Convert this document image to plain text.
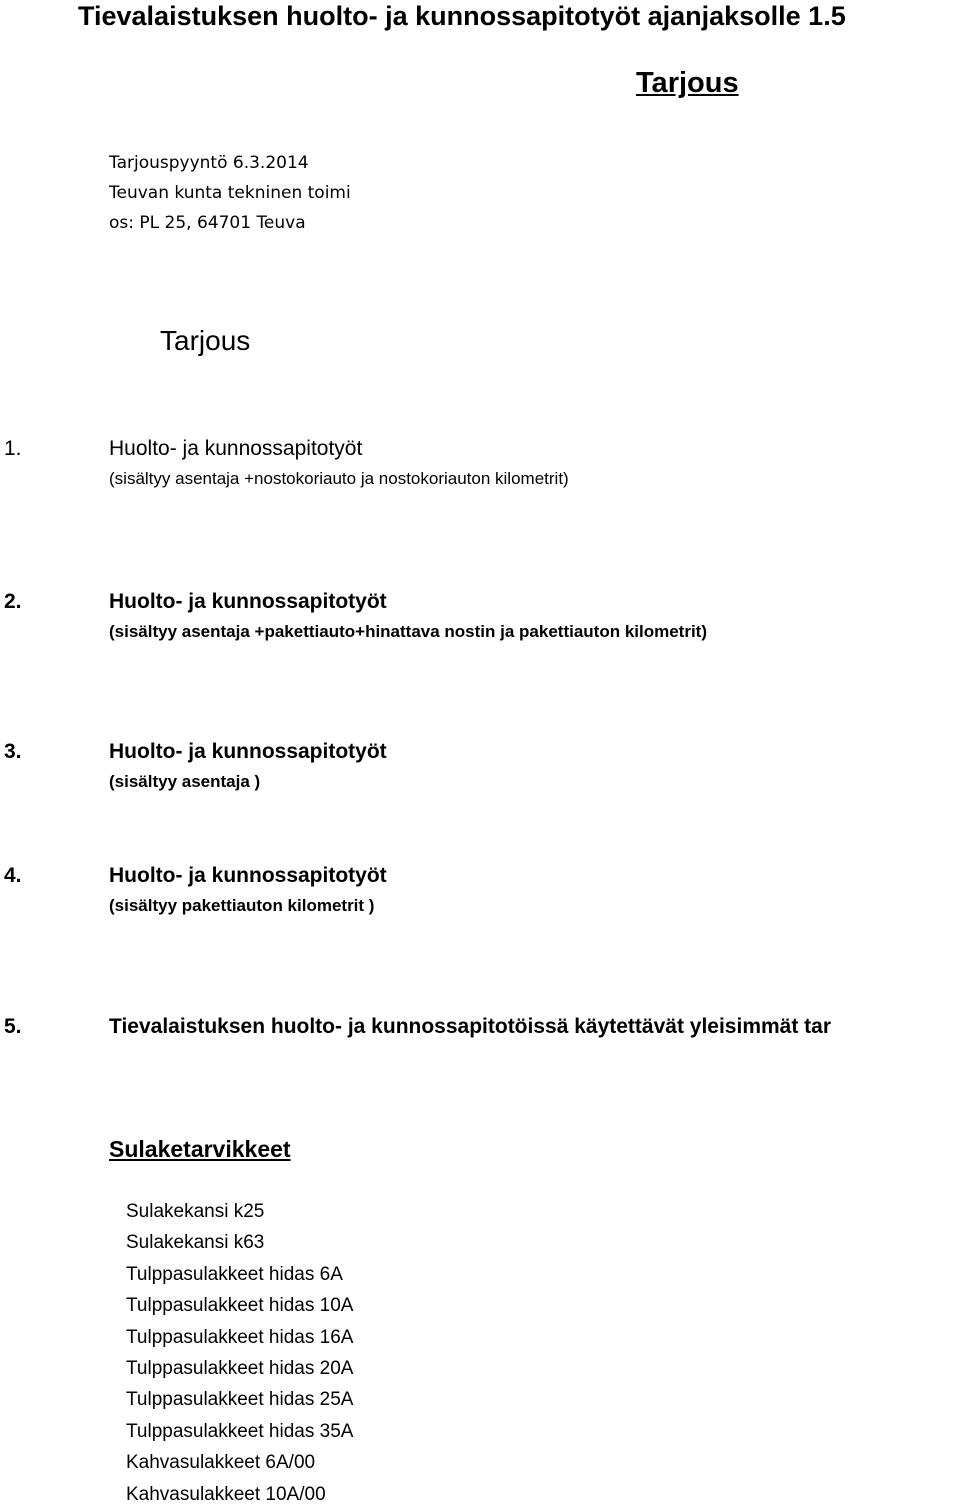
Tievalaistuksen huolto- ja kunnossapitotyöt ajanjaksolle 1.5
Tarjous
Tarjouspyyntö 6.3.2014
Teuvan kunta tekninen toimi
os: PL 25, 64701 Teuva
Tarjous
1.	Huolto- ja kunnossapitotyöt
(sisältyy asentaja +nostokoriauto ja nostokoriauton kilometrit)
2.	Huolto- ja kunnossapitotyöt
(sisältyy asentaja +pakettiauto+hinattava nostin ja pakettiauton kilometrit)
3.	Huolto- ja kunnossapitotyöt
(sisältyy asentaja )
4.	Huolto- ja kunnossapitotyöt
(sisältyy pakettiauton kilometrit )
5.	Tievalaistuksen huolto- ja kunnossapitotöissä käytettävät yleisimmät tar
Sulaketarvikkeet
Sulakekansi k25
Sulakekansi k63
Tulppasulakkeet hidas 6A
Tulppasulakkeet hidas 10A
Tulppasulakkeet hidas 16A
Tulppasulakkeet hidas 20A
Tulppasulakkeet hidas 25A
Tulppasulakkeet hidas 35A
Kahvasulakkeet 6A/00
Kahvasulakkeet 10A/00
